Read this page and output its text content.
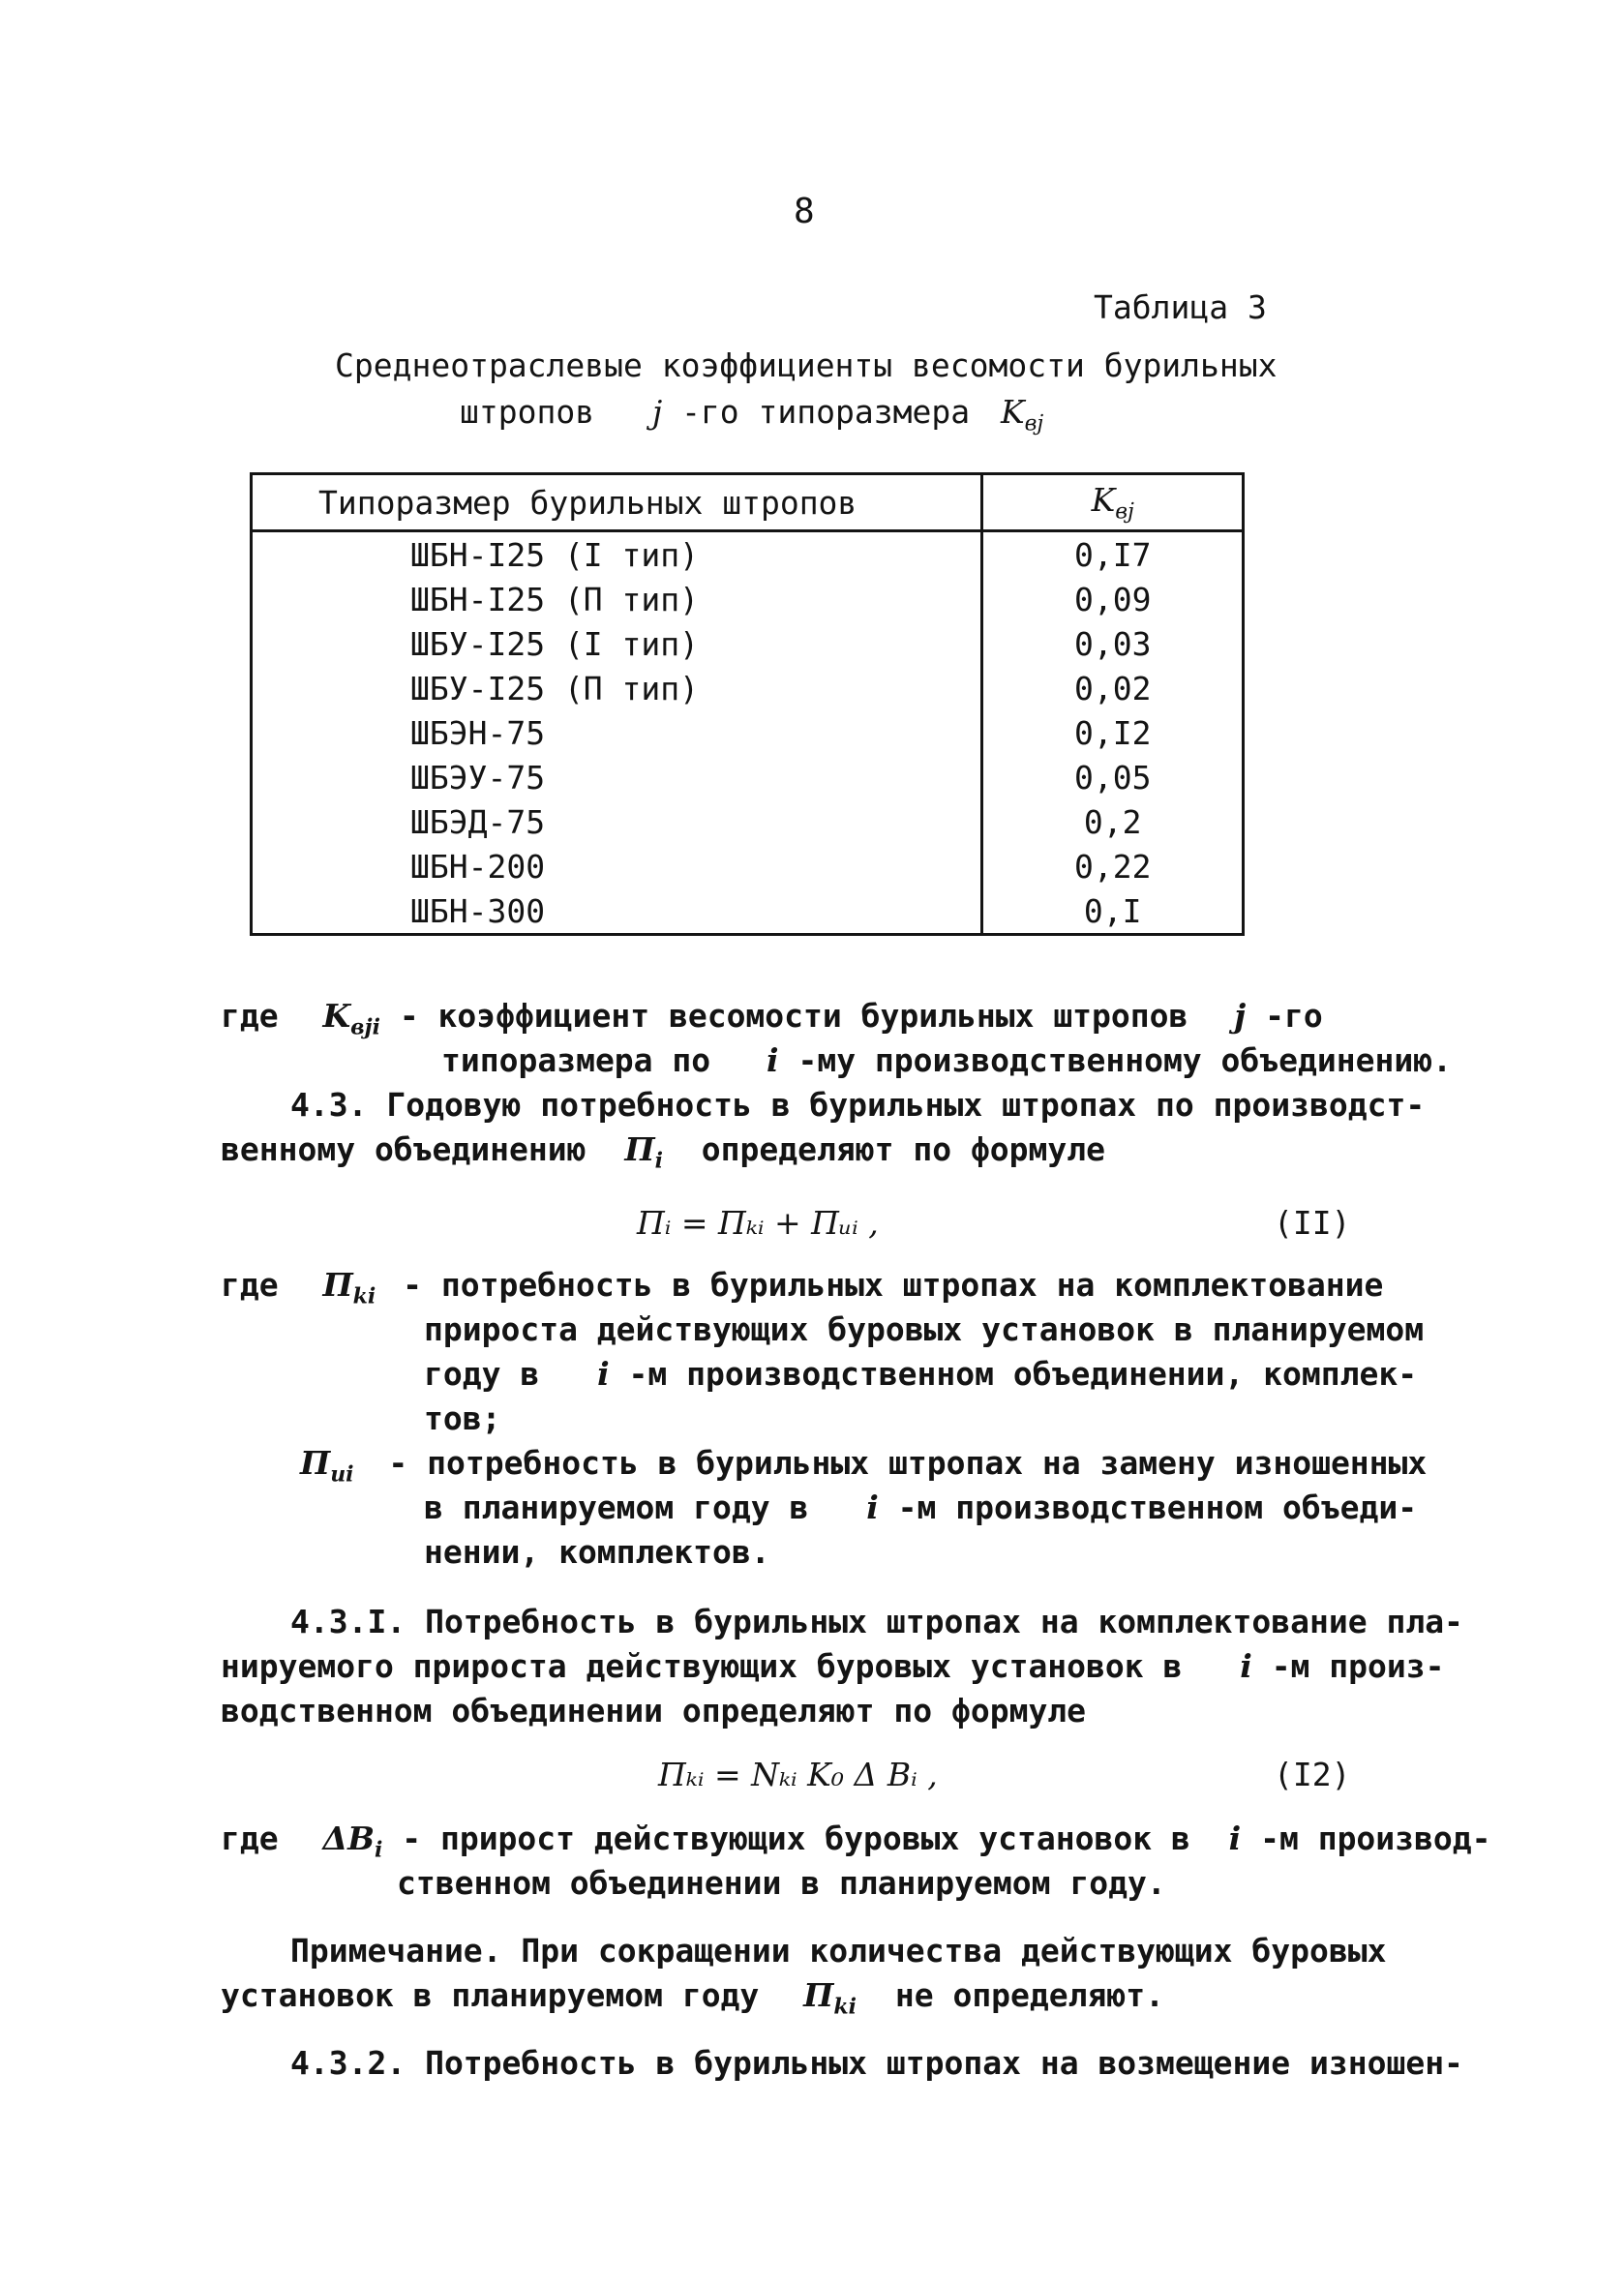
8
Таблица 3
Среднеотраслевые коэффициенты весомости бурильных
штропов j -го типоразмера $K_{вj}$
Типоразмер бурильных штропов	$K_{вj}$
ШБН-I25 (I тип)	0,I7
ШБН-I25 (П тип)	0,09
ШБУ-I25 (I тип)	0,03
ШБУ-I25 (П тип)	0,02
ШБЭН-75	0,I2
ШБЭУ-75	0,05
ШБЭД-75	0,2
ШБН-200	0,22
ШБН-300	0,I
где $K_{вji}$ - коэффициент весомости бурильных штропов j -го
типоразмера по i -му производственному объединению.
4.3. Годовую потребность в бурильных штропах по производст-
венному объединению $П_i$ определяют по формуле
Пᵢ = Пₖᵢ + Пᵤᵢ ,	(II)
где $П_{ki}$ - потребность в бурильных штропах на комплектование
прироста действующих буровых установок в планируемом
году в i -м производственном объединении, комплек-
тов;
$П_{ui}$ - потребность в бурильных штропах на замену изношенных
в планируемом году в i -м производственном объеди-
нении, комплектов.
4.3.I. Потребность в бурильных штропах на комплектование пла-
нируемого прироста действующих буровых установок в i -м произ-
водственном объединении определяют по формуле
Пₖᵢ = Nₖᵢ K₀ Δ Bᵢ ,	(I2)
где $\Delta B_i$ - прирост действующих буровых установок в i -м производ-
ственном объединении в планируемом году.
Примечание. При сокращении количества действующих буровых
установок в планируемом году $П_{ki}$ не определяют.
4.3.2. Потребность в бурильных штропах на возмещение изношен-
